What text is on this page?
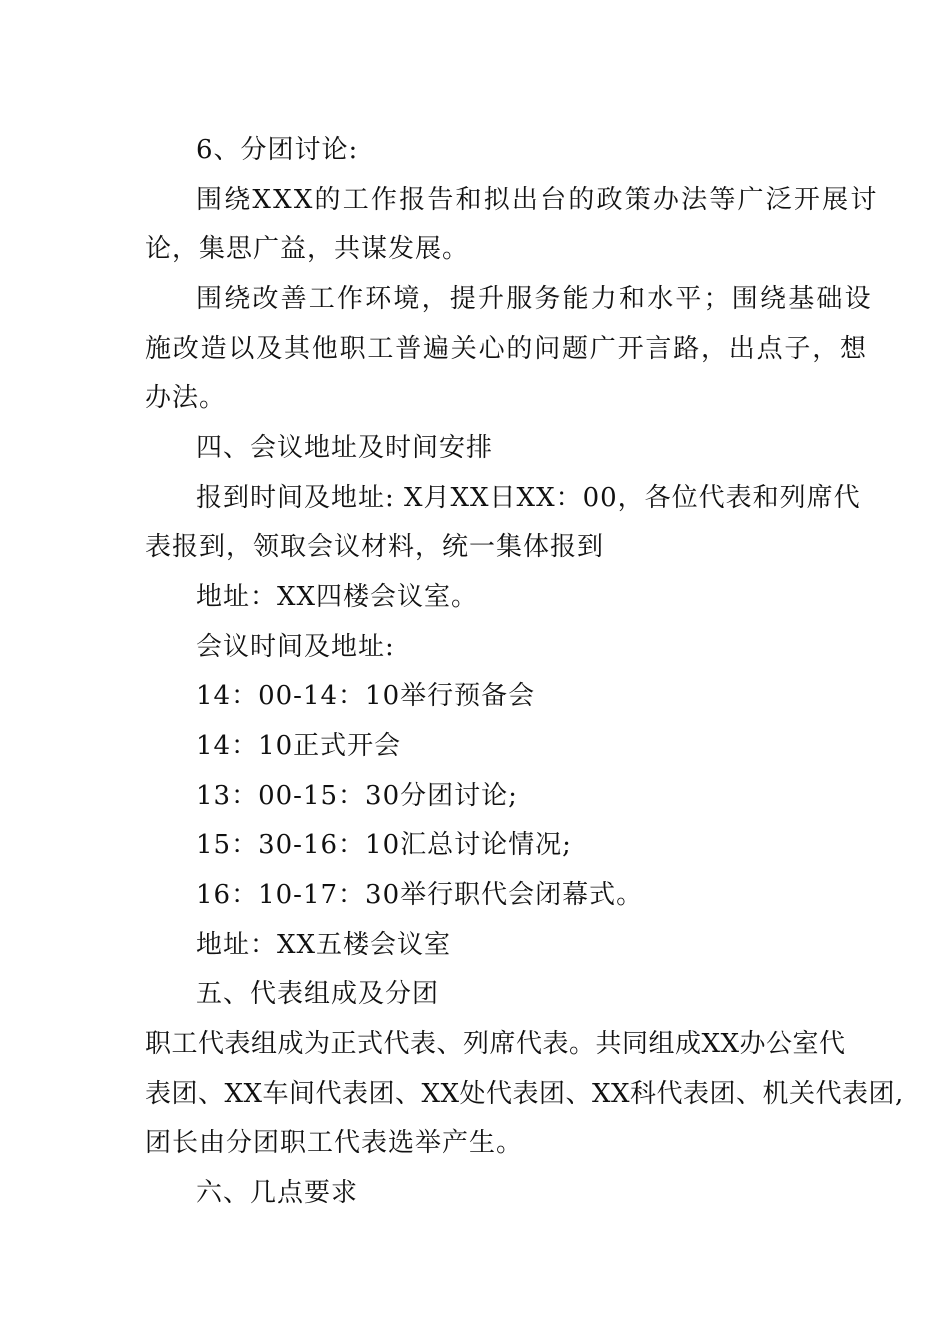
6、分团讨论:
围绕XXX的工作报告和拟出台的政策办法等广泛开展讨
论，集思广益，共谋发展。
围绕改善工作环境，提升服务能力和水平；围绕基础设
施改造以及其他职工普遍关心的问题广开言路，出点子，想
办法。
四、会议地址及时间安排
报到时间及地址: X月XX日XX：00，各位代表和列席代
表报到，领取会议材料，统一集体报到
地址：XX四楼会议室。
会议时间及地址:
14：00-14：10举行预备会
14：10正式开会
13：00-15：30分团讨论;
15：30-16：10汇总讨论情况;
16：10-17：30举行职代会闭幕式。
地址：XX五楼会议室
五、代表组成及分团
职工代表组成为正式代表、列席代表。共同组成XX办公室代
表团、XX车间代表团、XX处代表团、XX科代表团、机关代表团,
团长由分团职工代表选举产生。
六、几点要求
